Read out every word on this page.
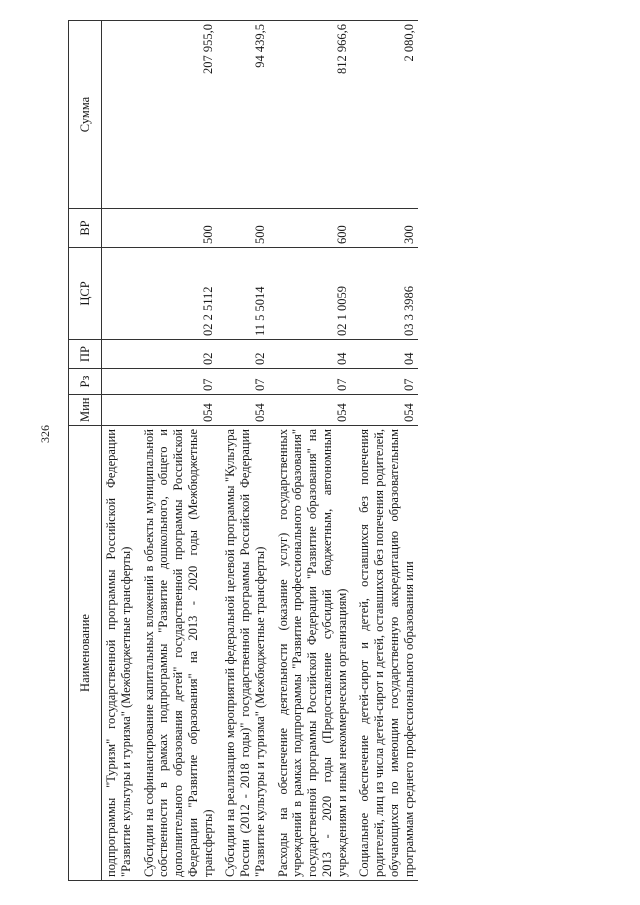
326
Наименование	Мин	Рз	ПР	ЦСР	ВР	Сумма
подпрограммы "Туризм" государственной программы Российской Федерации "Развитие культуры и туризма" (Межбюджетные трансферты)						
Субсидии на софинансирование капитальных вложений в объекты муниципальной собственности в рамках подпрограммы "Развитие дошкольного, общего и дополнительного образования детей" государственной программы Российской Федерации "Развитие образования" на 2013 - 2020 годы (Межбюджетные трансферты)	054	07	02	02 2 5112	500	207 955,0
Субсидии на реализацию мероприятий федеральной целевой программы "Культура России (2012 - 2018 годы)" государственной программы Российской Федерации "Развитие культуры и туризма" (Межбюджетные трансферты)	054	07	02	11 5 5014	500	94 439,5
Расходы на обеспечение деятельности (оказание услуг) государственных учреждений в рамках подпрограммы "Развитие профессионального образования" государственной программы Российской Федерации "Развитие образования" на 2013 - 2020 годы (Предоставление субсидий бюджетным, автономным учреждениям и иным некоммерческим организациям)	054	07	04	02 1 0059	600	812 966,6
Социальное обеспечение детей-сирот и детей, оставшихся без попечения родителей, лиц из числа детей-сирот и детей, оставшихся без попечения родителей, обучающихся по имеющим государственную аккредитацию образовательным программам среднего профессионального образования или	054	07	04	03 3 3986	300	2 080,0
